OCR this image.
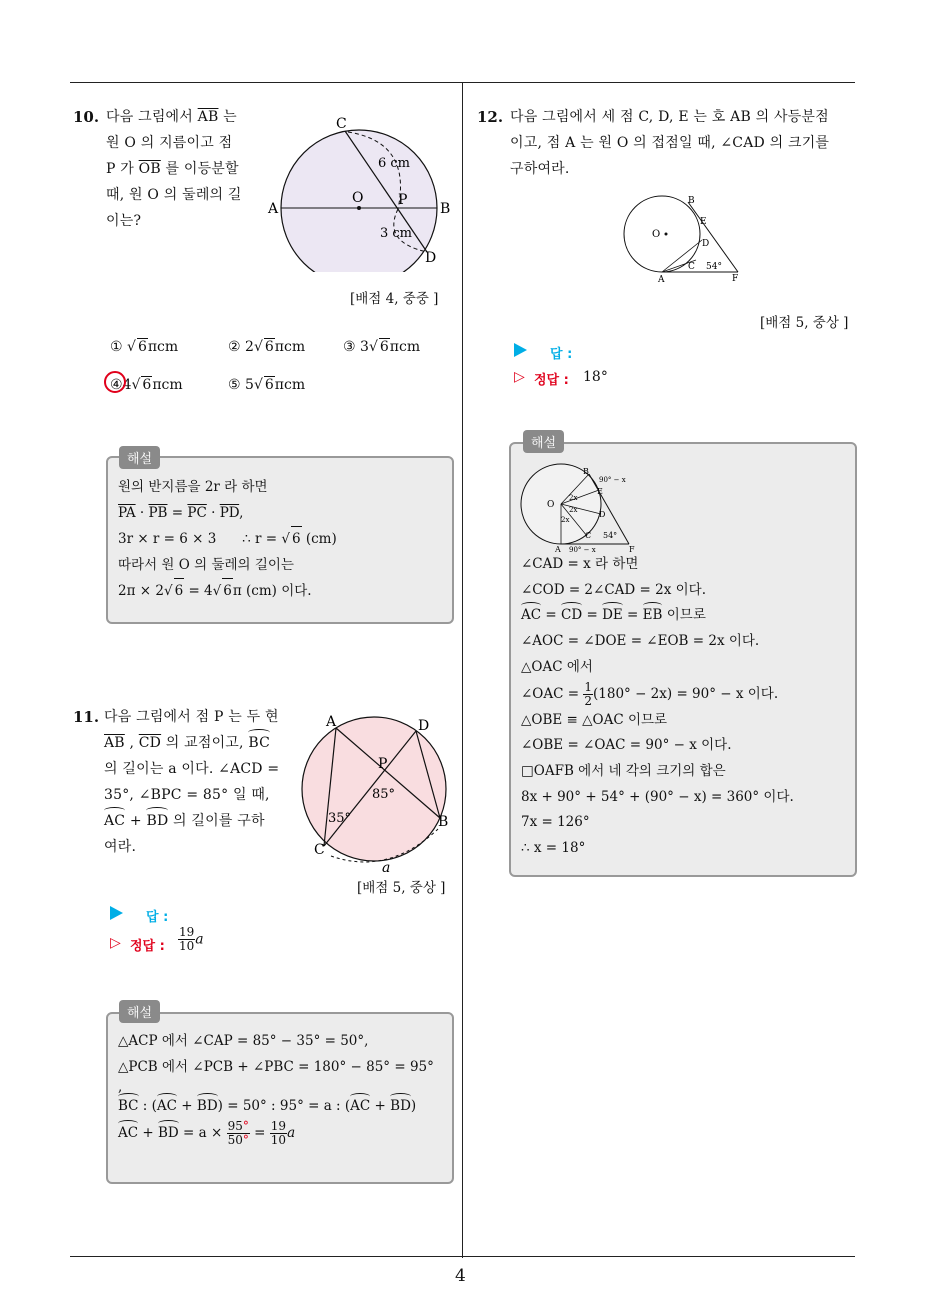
4
10. 다음 그림에서 $\overline{AB}$ 는
원 O 의 지름이고 점
P 가 $\overline{OB}$ 를 이등분할
때, 원 O 의 둘레의 길
이는?
C
6 cm
O P
A	B
3 cm
D
[배점 4, 중중 ]
① √ 6πcm	② 2√ 6πcm	③ 3√ 6πcm
④4√ 6πcm	⑤ 5√ 6πcm
해설
원의 반지름을 2r 라 하면
$\overline{PA} \cdot \overline{PB} = \overline{PC} \cdot \overline{PD}$,
3r × r = 6 × 3 ∴ r = √ 6 (cm)
따라서 원 O 의 둘레의 길이는
2π × 2√ 6 = 4√ 6π (cm) 이다.
11. 다음 그림에서 점 P 는 두 현
$\overline{AB}$ , $\overline{CD}$ 의 교점이고, BC
의 길이는 a 이다. ∠ACD =
35°, ∠BPC = 85° 일 때,
AC + BD 의 길이를 구하
여라.
A	D
P
85°
35°	B
C
a
[배점 5, 중상 ]
답 :
▷ 정답 : $\frac{19}{10}$ a
해설
△ACP 에서 ∠CAP = 85° − 35° = 50°,
△PCB 에서 ∠PCB + ∠PBC = 180° − 85° = 95°
,
BC : (AC + BD) = 50° : 95° = a : (AC + BD)
AC + BD = $a \times \frac{95^\circ}{50^\circ} = \frac{19}{10}$ a
12. 다음 그림에서 세 점 C, D, E 는 호 AB 의 사등분점
이고, 점 A 는 원 O 의 접점일 때, ∠CAD 의 크기를
구하여라.
B
E
O
D
C 54°
A	F
[배점 5, 중상 ]
답 :
▷ 정답 : 18°
해설
B
90° − x
2x
E
O 2x	D
2x
C 54°
A 90° − x	F
∠CAD = x 라 하면
∠COD = 2∠CAD = 2x 이다.
AC = CD = DE = EB 이므로
∠AOC = ∠DOE = ∠EOB = 2x 이다.
△OAC 에서
∠OAC = $\frac{1}{2} (180^\circ - 2x) = 90^\circ - x$ 이다.
△OBE ≡ △OAC 이므로
∠OBE = ∠OAC = 90° − x 이다.
□OAFB 에서 네 각의 크기의 합은
8x + 90° + 54° + (90° − x) = 360° 이다.
7x = 126°
∴ x = 18°
